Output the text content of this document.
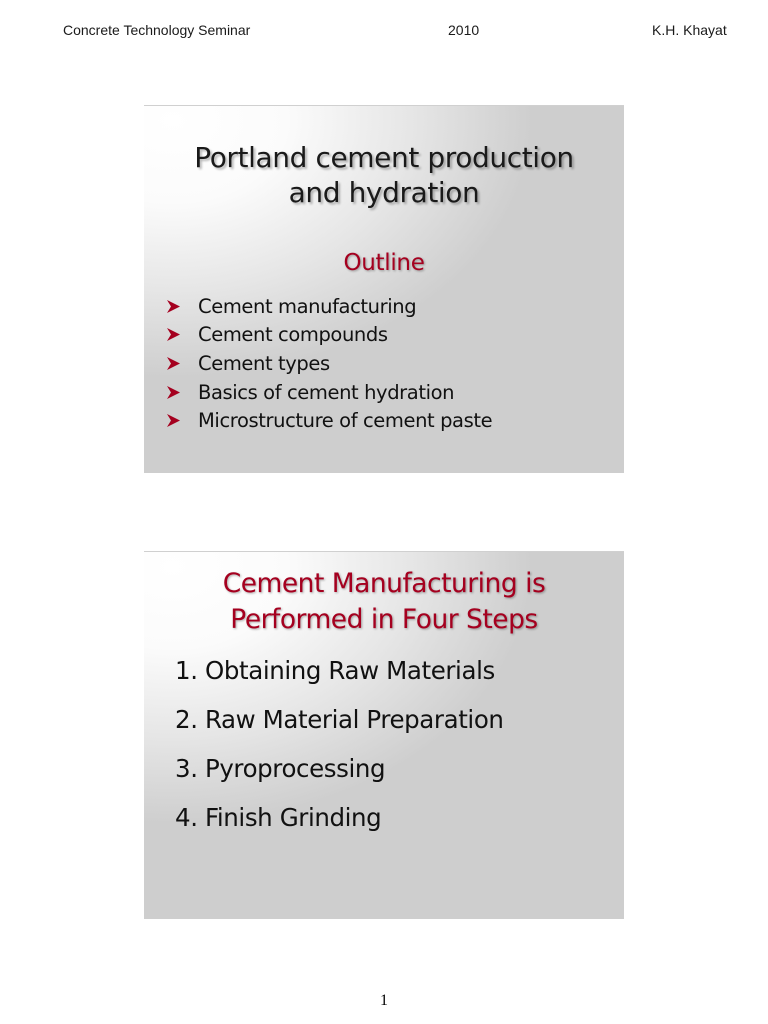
Concrete Technology Seminar	2010	K.H. Khayat
Portland cement production
and hydration
Outline
Cement manufacturing
Cement compounds
Cement types
Basics of cement hydration
Microstructure of cement paste
Cement Manufacturing is
Performed in Four Steps
1. Obtaining Raw Materials
2. Raw Material Preparation
3. Pyroprocessing
4. Finish Grinding
1
